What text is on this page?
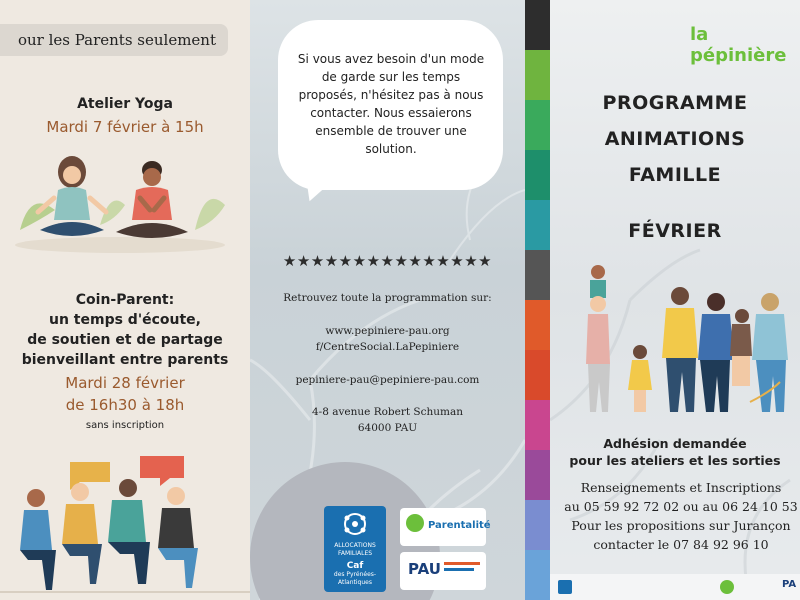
our les Parents seulement
Atelier Yoga
Mardi 7 février à 15h
Coin-Parent:
un temps d'écoute,
de soutien et de partage
bienveillant entre parents
Mardi 28 février
de 16h30 à 18h
sans inscription
Si vous avez besoin d'un mode
de garde sur les temps
proposés, n'hésitez pas à nous
contacter. Nous essaierons
ensemble de trouver une
solution.
★★★★★★★★★★★★★★★
Retrouvez toute la programmation sur:
www.pepiniere-pau.org
f/CentreSocial.LaPepiniere
pepiniere-pau@pepiniere-pau.com
4-8 avenue Robert Schuman
64000 PAU
ALLOCATIONS FAMILIALES
Caf
des Pyrénées-Atlantiques
Parentalité
PAU
la pépinière
PROGRAMME
ANIMATIONS
FAMILLE
FÉVRIER
Adhésion demandée
pour les ateliers et les sorties
Renseignements et Inscriptions
au 05 59 92 72 02 ou au 06 24 10 53
Pour les propositions sur Jurançon
contacter le 07 84 92 96 10
PA
